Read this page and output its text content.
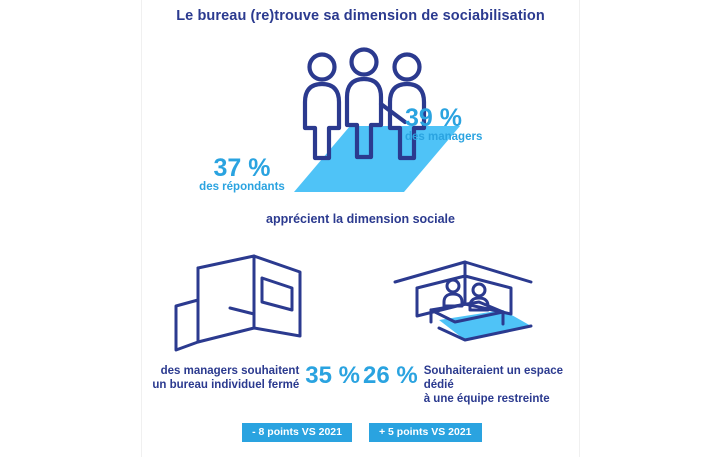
Le bureau (re)trouve sa dimension de sociabilisation
39 %
des managers
37 %
des répondants
apprécient la dimension sociale
des managers souhaitent
un bureau individuel fermé 35 %
- 8 points VS 2021
26 % Souhaiteraient un espace dédié
à une équipe restreinte
+ 5 points VS 2021
